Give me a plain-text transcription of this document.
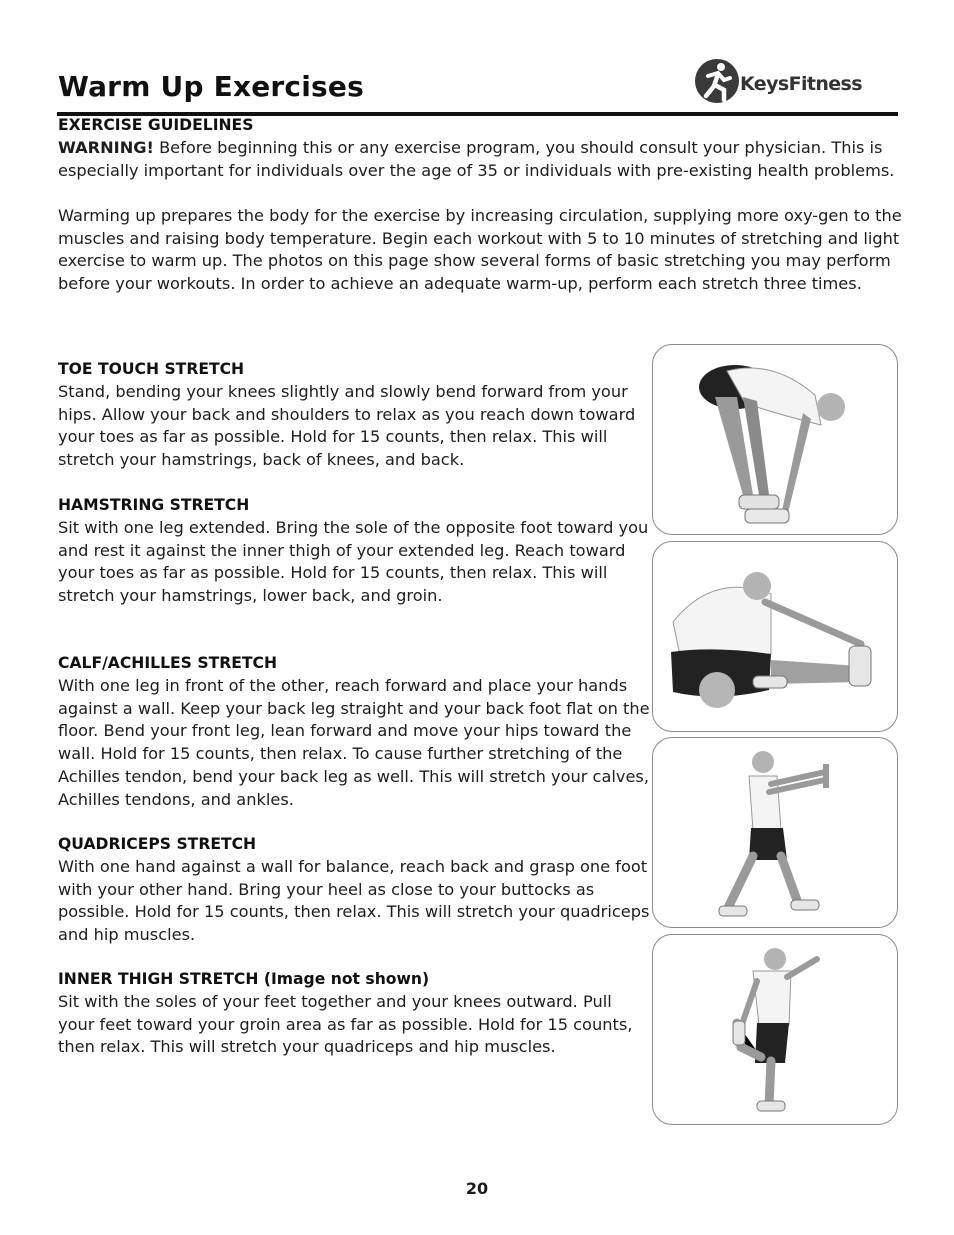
Warm Up Exercises	KeysFitness
EXERCISE GUIDELINES

WARNING! Before beginning this or any exercise program, you should consult your physician. This is especially important for individuals over the age of 35 or individuals with pre-existing health problems.

Warming up prepares the body for the exercise by increasing circulation, supplying more oxy-gen to the muscles and raising body temperature. Begin each workout with 5 to 10 minutes of stretching and light exercise to warm up. The photos on this page show several forms of basic stretching you may perform before your workouts. In order to achieve an adequate warm-up, perform each stretch three times.

TOE TOUCH STRETCH

Stand, bending your knees slightly and slowly bend forward from your hips. Allow your back and shoulders to relax as you reach down toward your toes as far as possible. Hold for 15 counts, then relax. This will stretch your hamstrings, back of knees, and back.

HAMSTRING STRETCH

Sit with one leg extended. Bring the sole of the opposite foot toward you and rest it against the inner thigh of your extended leg. Reach toward your toes as far as possible. Hold for 15 counts, then relax. This will stretch your hamstrings, lower back, and groin.

CALF/ACHILLES STRETCH

With one leg in front of the other, reach forward and place your hands against a wall. Keep your back leg straight and your back foot flat on the floor. Bend your front leg, lean forward and move your hips toward the wall. Hold for 15 counts, then relax. To cause further stretching of the Achilles tendon, bend your back leg as well. This will stretch your calves, Achilles tendons, and ankles.

QUADRICEPS STRETCH

With one hand against a wall for balance, reach back and grasp one foot with your other hand. Bring your heel as close to your buttocks as possible. Hold for 15 counts, then relax. This will stretch your quadriceps and hip muscles.

INNER THIGH STRETCH (Image not shown)

Sit with the soles of your feet together and your knees outward. Pull your feet toward your groin area as far as possible. Hold for 15 counts, then relax. This will stretch your quadriceps and hip muscles.

20
